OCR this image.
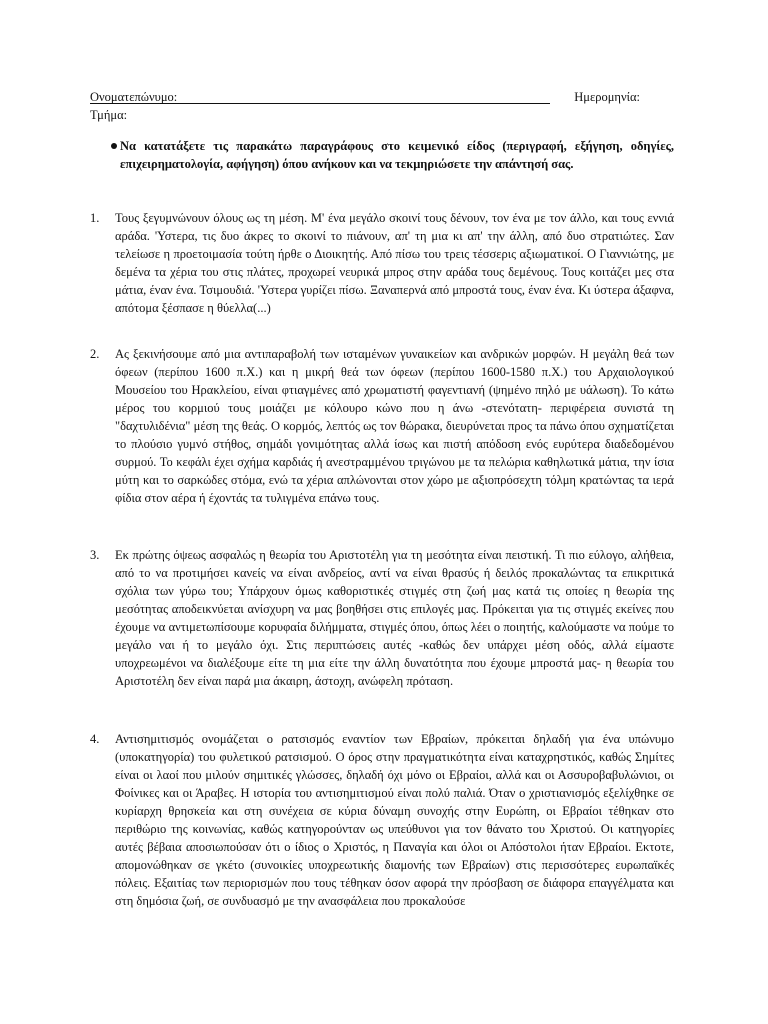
Ονοματεπώνυμο:	Ημερομηνία:
Τμήμα:
Να κατατάξετε τις παρακάτω παραγράφους στο κειμενικό είδος (περιγραφή, εξήγηση, οδηγίες, επιχειρηματολογία, αφήγηση) όπου ανήκουν και να τεκμηριώσετε την απάντησή σας.
1. Τους ξεγυμνώνουν όλους ως τη μέση. Μ' ένα μεγάλο σκοινί τους δένουν, τον ένα με τον άλλο, και τους εννιά αράδα. 'Υστερα, τις δυο άκρες το σκοινί το πιάνουν, απ' τη μια κι απ' την άλλη, από δυο στρατιώτες. Σαν τελείωσε η προετοιμασία τούτη ήρθε ο Διοικητής. Από πίσω του τρεις τέσσερις αξιωματικοί. Ο Γιαννιώτης, με δεμένα τα χέρια του στις πλάτες, προχωρεί νευρικά μπρος στην αράδα τους δεμένους. Τους κοιτάζει μες στα μάτια, έναν ένα. Τσιμουδιά. 'Υστερα γυρίζει πίσω. Ξαναπερνά από μπροστά τους, έναν ένα. Κι ύστερα άξαφνα, απότομα ξέσπασε η θύελλα(...)
2. Ας ξεκινήσουμε από μια αντιπαραβολή των ισταμένων γυναικείων και ανδρικών μορφών. Η μεγάλη θεά των όφεων (περίπου 1600 π.Χ.) και η μικρή θεά των όφεων (περίπου 1600-1580 π.Χ.) του Αρχαιολογικού Μουσείου του Ηρακλείου, είναι φτιαγμένες από χρωματιστή φαγεντιανή (ψημένο πηλό με υάλωση). Το κάτω μέρος του κορμιού τους μοιάζει με κόλουρο κώνο που η άνω -στενότατη- περιφέρεια συνιστά τη "δαχτυλιδένια" μέση της θεάς. Ο κορμός, λεπτός ως τον θώρακα, διευρύνεται προς τα πάνω όπου σχηματίζεται το πλούσιο γυμνό στήθος, σημάδι γονιμότητας αλλά ίσως και πιστή απόδοση ενός ευρύτερα διαδεδομένου συρμού. Το κεφάλι έχει σχήμα καρδιάς ή ανεστραμμένου τριγώνου με τα πελώρια καθηλωτικά μάτια, την ίσια μύτη και το σαρκώδες στόμα, ενώ τα χέρια απλώνονται στον χώρο με αξιοπρόσεχτη τόλμη κρατώντας τα ιερά φίδια στον αέρα ή έχοντάς τα τυλιγμένα επάνω τους.
3. Εκ πρώτης όψεως ασφαλώς η θεωρία του Αριστοτέλη για τη μεσότητα είναι πειστική. Τι πιο εύλογο, αλήθεια, από το να προτιμήσει κανείς να είναι ανδρείος, αντί να είναι θρασύς ή δειλός προκαλώντας τα επικριτικά σχόλια των γύρω του; Υπάρχουν όμως καθοριστικές στιγμές στη ζωή μας κατά τις οποίες η θεωρία της μεσότητας αποδεικνύεται ανίσχυρη να μας βοηθήσει στις επιλογές μας. Πρόκειται για τις στιγμές εκείνες που έχουμε να αντιμετωπίσουμε κορυφαία διλήμματα, στιγμές όπου, όπως λέει ο ποιητής, καλούμαστε να πούμε το μεγάλο ναι ή το μεγάλο όχι. Στις περιπτώσεις αυτές -καθώς δεν υπάρχει μέση οδός, αλλά είμαστε υποχρεωμένοι να διαλέξουμε είτε τη μια είτε την άλλη δυνατότητα που έχουμε μπροστά μας- η θεωρία του Αριστοτέλη δεν είναι παρά μια άκαιρη, άστοχη, ανώφελη πρόταση.
4. Αντισημιτισμός ονομάζεται ο ρατσισμός εναντίον των Εβραίων, πρόκειται δηλαδή για ένα υπώνυμο (υποκατηγορία) του φυλετικού ρατσισμού. Ο όρος στην πραγματικότητα είναι καταχρηστικός, καθώς Σημίτες είναι οι λαοί που μιλούν σημιτικές γλώσσες, δηλαδή όχι μόνο οι Εβραίοι, αλλά και οι Ασσυροβαβυλώνιοι, οι Φοίνικες και οι Άραβες. Η ιστορία του αντισημιτισμού είναι πολύ παλιά. Όταν ο χριστιανισμός εξελίχθηκε σε κυρίαρχη θρησκεία και στη συνέχεια σε κύρια δύναμη συνοχής στην Ευρώπη, οι Εβραίοι τέθηκαν στο περιθώριο της κοινωνίας, καθώς κατηγορούνταν ως υπεύθυνοι για τον θάνατο του Χριστού. Οι κατηγορίες αυτές βέβαια αποσιωπούσαν ότι ο ίδιος ο Χριστός, η Παναγία και όλοι οι Απόστολοι ήταν Εβραίοι. Εκτοτε, απομονώθηκαν σε γκέτο (συνοικίες υποχρεωτικής διαμονής των Εβραίων) στις περισσότερες ευρωπαϊκές πόλεις. Εξαιτίας των περιορισμών που τους τέθηκαν όσον αφορά την πρόσβαση σε διάφορα επαγγέλματα και στη δημόσια ζωή, σε συνδυασμό με την ανασφάλεια που προκαλούσε
